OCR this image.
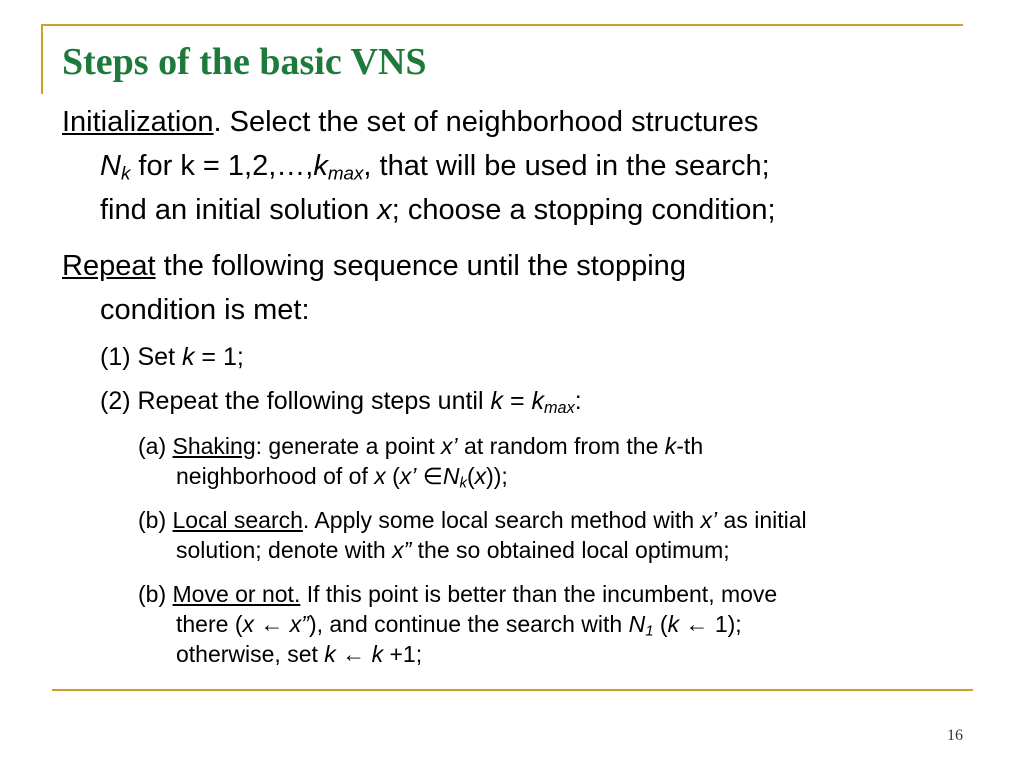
Steps of the basic VNS

Initialization. Select the set of neighborhood structures
$N_k$ for $k = 1,2,\dots,k_{max}$, that will be used in the search;
find an initial solution x; choose a stopping condition;

Repeat the following sequence until the stopping
condition is met:

(1) Set k = 1;

(2) Repeat the following steps until $k = k_{max}$:

(a) Shaking: generate a point x’ at random from the k-th
neighborhood of of x (x’ $\in N_k(x)$);

(b) Local search. Apply some local search method with x’ as initial
solution; denote with x” the so obtained local optimum;

(b) Move or not. If this point is better than the incumbent, move
there (x ← x”), and continue the search with $N_1$ (k ← 1);
otherwise, set k ← k +1;

16
